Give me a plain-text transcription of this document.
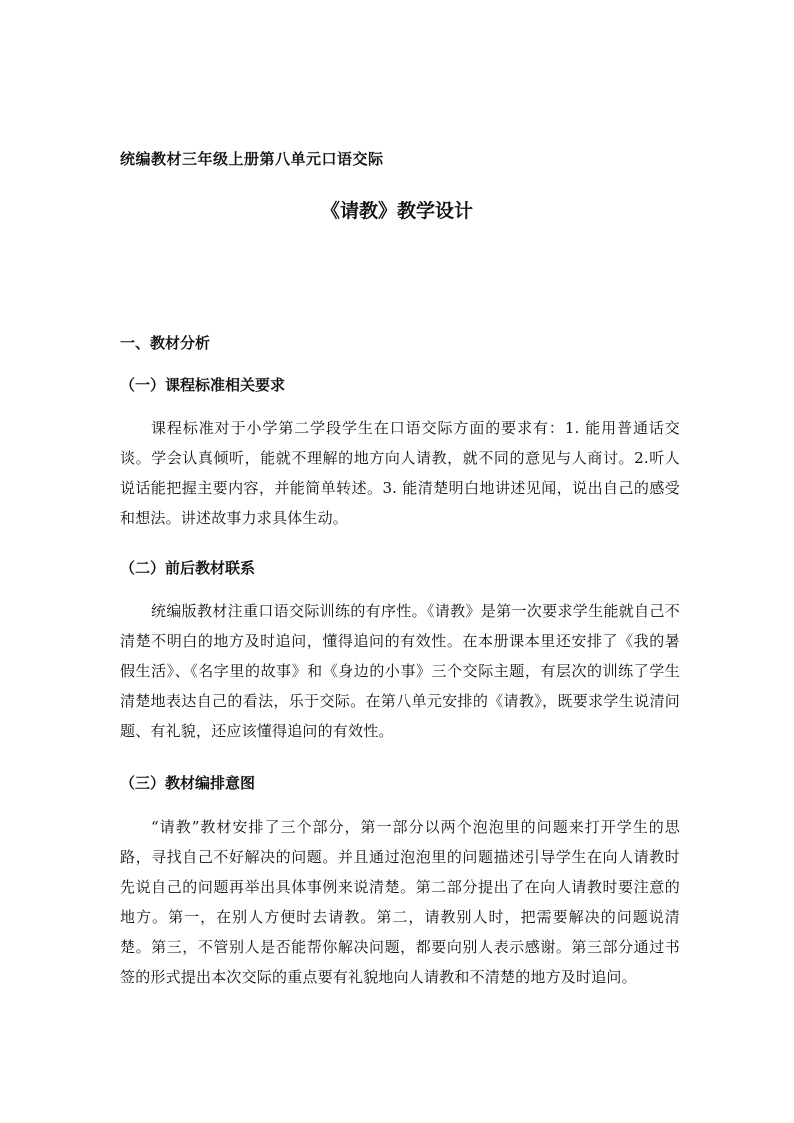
统编教材三年级上册第八单元口语交际
《请教》教学设计
一、教材分析
（一）课程标准相关要求
课程标准对于小学第二学段学生在口语交际方面的要求有：1. 能用普通话交谈。学会认真倾听，能就不理解的地方向人请教，就不同的意见与人商讨。2.听人说话能把握主要内容，并能简单转述。3. 能清楚明白地讲述见闻，说出自己的感受和想法。讲述故事力求具体生动。
（二）前后教材联系
统编版教材注重口语交际训练的有序性。《请教》是第一次要求学生能就自己不清楚不明白的地方及时追问，懂得追问的有效性。在本册课本里还安排了《我的暑假生活》、《名字里的故事》和《身边的小事》三个交际主题，有层次的训练了学生清楚地表达自己的看法，乐于交际。在第八单元安排的《请教》，既要求学生说清问题、有礼貌，还应该懂得追问的有效性。
（三）教材编排意图
“请教”教材安排了三个部分，第一部分以两个泡泡里的问题来打开学生的思路，寻找自己不好解决的问题。并且通过泡泡里的问题描述引导学生在向人请教时先说自己的问题再举出具体事例来说清楚。第二部分提出了在向人请教时要注意的地方。第一，在别人方便时去请教。第二，请教别人时，把需要解决的问题说清楚。第三，不管别人是否能帮你解决问题，都要向别人表示感谢。第三部分通过书签的形式提出本次交际的重点要有礼貌地向人请教和不清楚的地方及时追问。
